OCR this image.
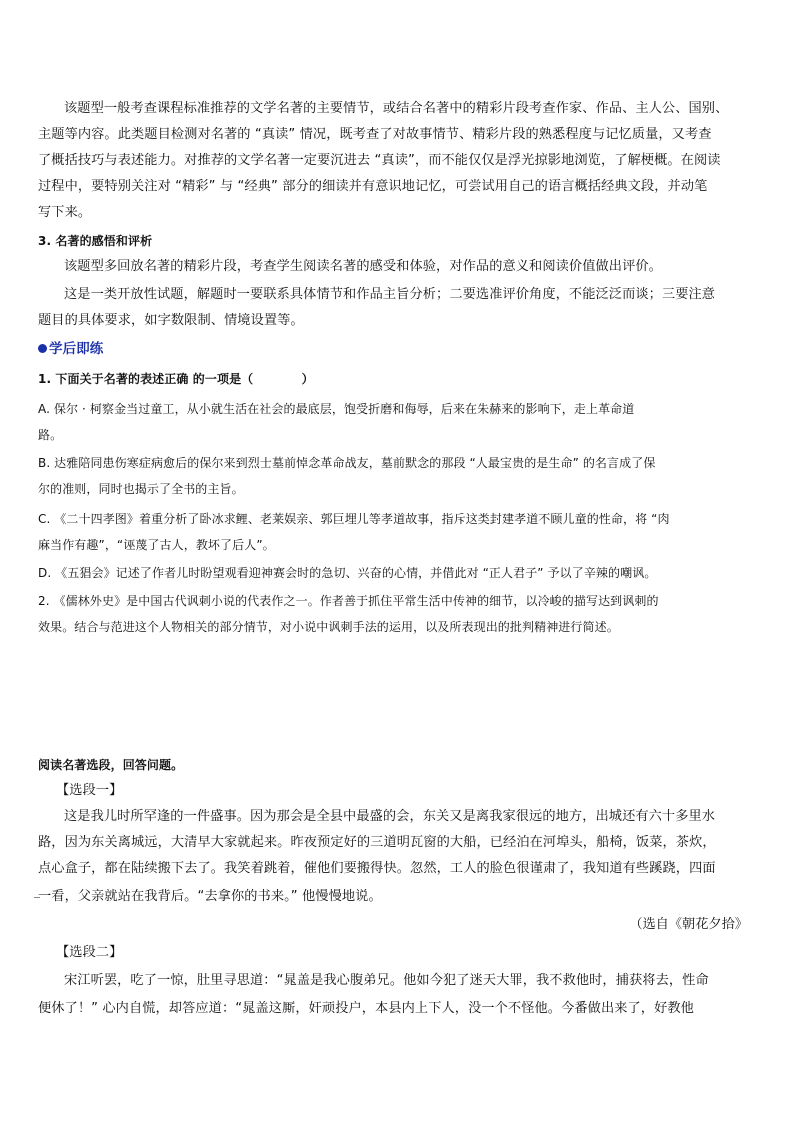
该题型一般考查课程标准推荐的文学名著的主要情节，或结合名著中的精彩片段考查作家、作品、主人公、国别、
主题等内容。此类题目检测对名著的 “真读” 情况，既考查了对故事情节、精彩片段的熟悉程度与记忆质量，又考查
了概括技巧与表述能力。对推荐的文学名著一定要沉进去 “真读”，而不能仅仅是浮光掠影地浏览，了解梗概。在阅读
过程中，要特别关注对 “精彩” 与 “经典” 部分的细读并有意识地记忆，可尝试用自己的语言概括经典文段，并动笔
写下来。
3. 名著的感悟和评析
该题型多回放名著的精彩片段，考查学生阅读名著的感受和体验，对作品的意义和阅读价值做出评价。
这是一类开放性试题，解题时一要联系具体情节和作品主旨分析；二要选准评价角度，不能泛泛而谈；三要注意
题目的具体要求，如字数限制、情境设置等。
学后即练
1. 下面关于名著的表述正确 的一项是（　　　　）
A. 保尔 · 柯察金当过童工，从小就生活在社会的最底层，饱受折磨和侮辱，后来在朱赫来的影响下，走上革命道
路。
B. 达雅陪同患伤寒症病愈后的保尔来到烈士墓前悼念革命战友，墓前默念的那段 “人最宝贵的是生命” 的名言成了保
尔的准则，同时也揭示了全书的主旨。
C. 《二十四孝图》着重分析了卧冰求鲤、老莱娱亲、郭巨埋儿等孝道故事，指斥这类封建孝道不顾儿童的性命，将 “肉
麻当作有趣”，“诬蔑了古人，教坏了后人”。
D. 《五猖会》记述了作者儿时盼望观看迎神赛会时的急切、兴奋的心情，并借此对 “正人君子” 予以了辛辣的嘲讽。
2. 《儒林外史》是中国古代讽刺小说的代表作之一。作者善于抓住平常生活中传神的细节，以冷峻的描写达到讽刺的
效果。结合与范进这个人物相关的部分情节，对小说中讽刺手法的运用，以及所表现出的批判精神进行简述。
阅读名著选段，回答问题。
【选段一】
这是我儿时所罕逢的一件盛事。因为那会是全县中最盛的会，东关又是离我家很远的地方，出城还有六十多里水
路，因为东关离城远，大清早大家就起来。昨夜预定好的三道明瓦窗的大船，已经泊在河埠头，船椅，饭菜，茶炊，
点心盒子，都在陆续搬下去了。我笑着跳着，催他们要搬得快。忽然，工人的脸色很谨肃了，我知道有些蹊跷，四面
一看，父亲就站在我背后。“去拿你的书来。” 他慢慢地说。
（选自《朝花夕拾》
【选段二】
宋江听罢，吃了一惊，肚里寻思道：“晁盖是我心腹弟兄。他如今犯了迷天大罪，我不救他时，捕获将去，性命
便休了！” 心内自慌，却答应道：“晁盖这厮，奸顽投户，本县内上下人，没一个不怪他。今番做出来了，好教他
